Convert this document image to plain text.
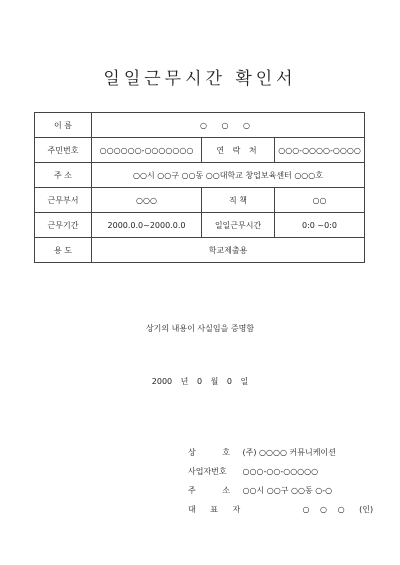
일일근무시간 확인서
이 름	○ ○ ○		
주민번호	○○○○○○-○○○○○○○	연 락 처	○○○-○○○○-○○○○
주 소	○○시 ○○구 ○○동 ○○대학교 창업보육센터 ○○○호		
근무부서	○○○	직 책	○○
근무기간	2000.0.0~2000.0.0	일일근무시간	0:0 ~0:0
용 도	학교제출용		
상기의 내용이 사실임을 증명함
2000 년 0 월 0 일
상 호 (주) ○○○○ 커뮤니케이션
사업자번호 ○○○-○○-○○○○○
주 소 ○○시 ○○구 ○○동 ○-○
대 표 자	○ ○ ○ (인)
